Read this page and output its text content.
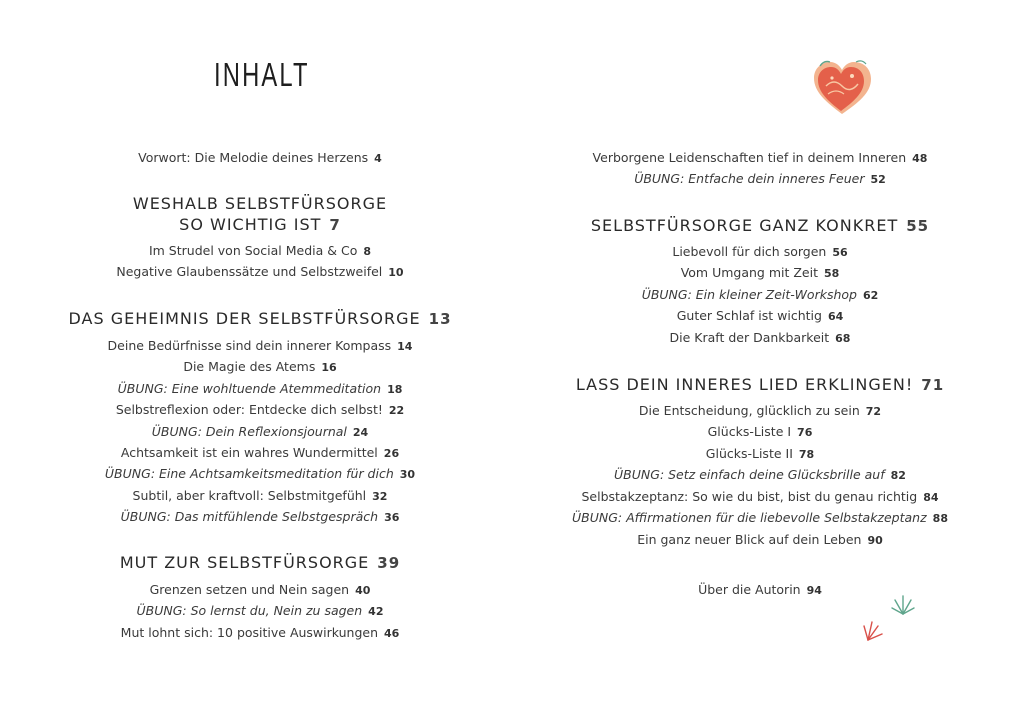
INHALT
Vorwort: Die Melodie deines Herzens 4
WESHALB SELBSTFÜRSORGE
SO WICHTIG IST 7
Im Strudel von Social Media & Co 8
Negative Glaubenssätze und Selbstzweifel 10
DAS GEHEIMNIS DER SELBSTFÜRSORGE 13
Deine Bedürfnisse sind dein innerer Kompass 14
Die Magie des Atems 16
ÜBUNG: Eine wohltuende Atemmeditation 18
Selbstreflexion oder: Entdecke dich selbst! 22
ÜBUNG: Dein Reflexionsjournal 24
Achtsamkeit ist ein wahres Wundermittel 26
ÜBUNG: Eine Achtsamkeitsmeditation für dich 30
Subtil, aber kraftvoll: Selbstmitgefühl 32
ÜBUNG: Das mitfühlende Selbstgespräch 36
MUT ZUR SELBSTFÜRSORGE 39
Grenzen setzen und Nein sagen 40
ÜBUNG: So lernst du, Nein zu sagen 42
Mut lohnt sich: 10 positive Auswirkungen 46
Verborgene Leidenschaften tief in deinem Inneren 48
ÜBUNG: Entfache dein inneres Feuer 52
SELBSTFÜRSORGE GANZ KONKRET 55
Liebevoll für dich sorgen 56
Vom Umgang mit Zeit 58
ÜBUNG: Ein kleiner Zeit-Workshop 62
Guter Schlaf ist wichtig 64
Die Kraft der Dankbarkeit 68
LASS DEIN INNERES LIED ERKLINGEN! 71
Die Entscheidung, glücklich zu sein 72
Glücks-Liste I 76
Glücks-Liste II 78
ÜBUNG: Setz einfach deine Glücksbrille auf 82
Selbstakzeptanz: So wie du bist, bist du genau richtig 84
ÜBUNG: Affirmationen für die liebevolle Selbstakzeptanz 88
Ein ganz neuer Blick auf dein Leben 90
Über die Autorin 94
